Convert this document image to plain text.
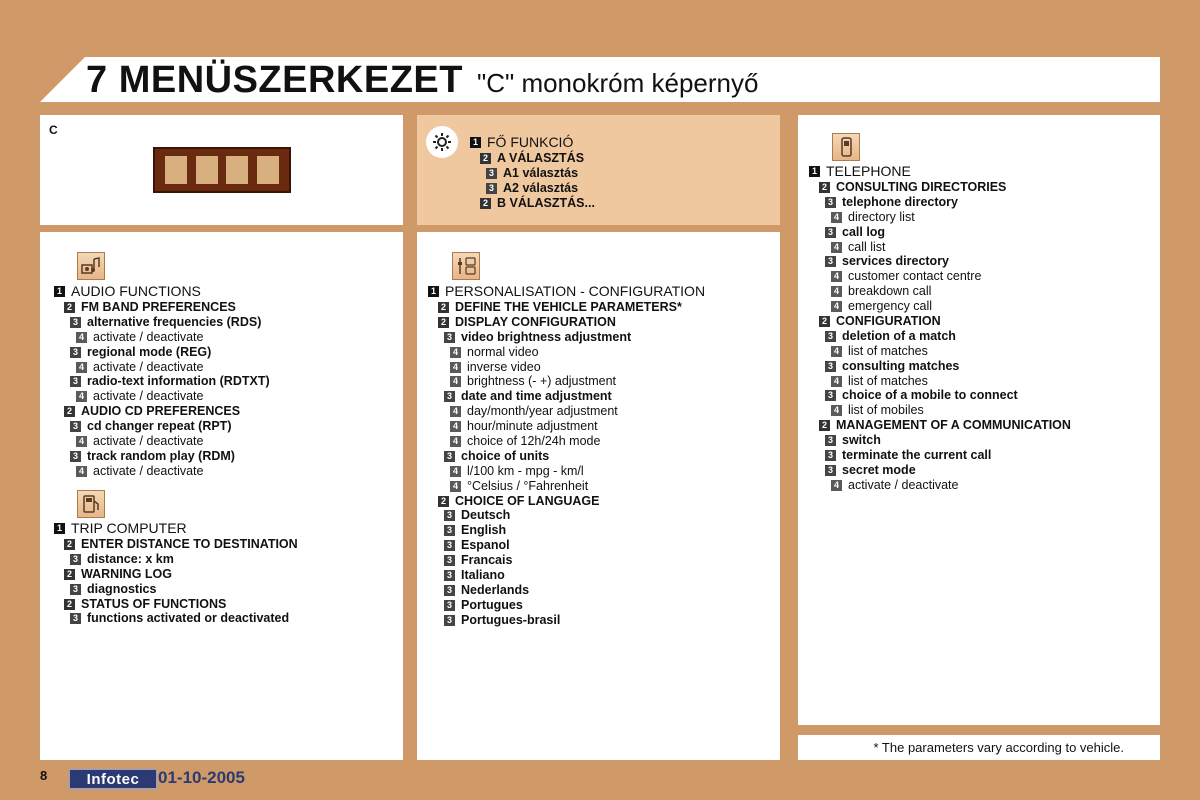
7 MENÜSZERKEZET "C" monokróm képernyő
C
1 FŐ FUNKCIÓ
2 A VÁLASZTÁS
3 A1 választás
3 A2 választás
2 B VÁLASZTÁS...
1 TELEPHONE
2 CONSULTING DIRECTORIES
3 telephone directory
4 directory list
3 call log
4 call list
3 services directory
4 customer contact centre
4 breakdown call
4 emergency call
2 CONFIGURATION
3 deletion of a match
4 list of matches
3 consulting matches
4 list of matches
3 choice of a mobile to connect
4 list of mobiles
2 MANAGEMENT OF A COMMUNICATION
3 switch
3 terminate the current call
3 secret mode
4 activate / deactivate
1 AUDIO FUNCTIONS
2 FM BAND PREFERENCES
3 alternative frequencies (RDS)
4 activate / deactivate
3 regional mode (REG)
4 activate / deactivate
3 radio-text information (RDTXT)
4 activate / deactivate
2 AUDIO CD PREFERENCES
3 cd changer repeat (RPT)
4 activate / deactivate
3 track random play (RDM)
4 activate / deactivate
1 TRIP COMPUTER
2 ENTER DISTANCE TO DESTINATION
3 distance: x km
2 WARNING LOG
3 diagnostics
2 STATUS OF FUNCTIONS
3 functions activated or deactivated
1 PERSONALISATION - CONFIGURATION
2 DEFINE THE VEHICLE PARAMETERS*
2 DISPLAY CONFIGURATION
3 video brightness adjustment
4 normal video
4 inverse video
4 brightness (- +) adjustment
3 date and time adjustment
4 day/month/year adjustment
4 hour/minute adjustment
4 choice of 12h/24h mode
3 choice of units
4 l/100 km - mpg - km/l
4 °Celsius / °Fahrenheit
2 CHOICE OF LANGUAGE
3 Deutsch
3 English
3 Espanol
3 Francais
3 Italiano
3 Nederlands
3 Portugues
3 Portugues-brasil
* The parameters vary according to vehicle.
8	Infotec	01-10-2005
